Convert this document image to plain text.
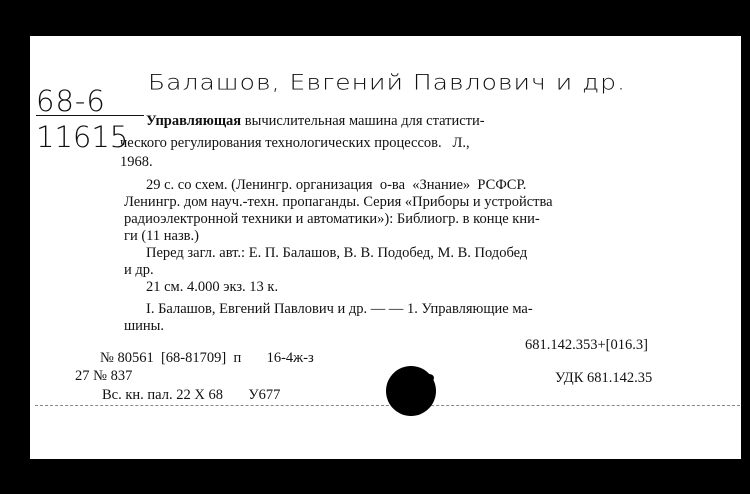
Балашов, Евгений Павлович и др.
68-6
11615 Управляющая вычислительная машина для статисти-
ческого регулирования технологических процессов.   Л.,
1968.
29 с. со схем. (Ленингр. организация  о-ва  «Знание»  РСФСР.
Ленингр. дом науч.-техн. пропаганды. Серия «Приборы и устройства
радиоэлектронной техники и автоматики»): Библиогр. в конце кни-
ги (11 назв.)
Перед загл. авт.: Е. П. Балашов, В. В. Подобед, М. В. Подобед
и др.
21 см. 4.000 экз. 13 к.
I. Балашов, Евгений Павлович и др. — — 1. Управляющие ма-
шины.
681.142.353+[016.3]
№ 80561  [68-81709]  п       16-4ж-з
27 № 837	УДК 681.142.35
Вс. кн. пал. 22 X 68       У677
